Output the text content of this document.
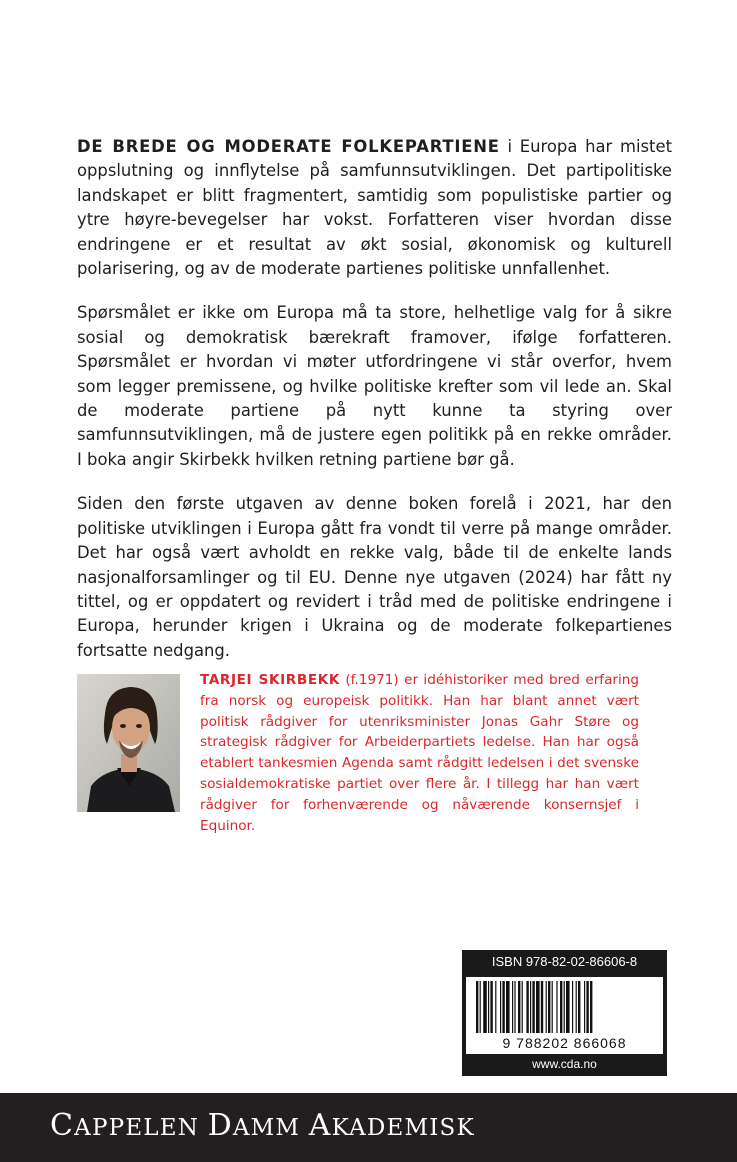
DE BREDE OG MODERATE FOLKEPARTIENE i Europa har mistet oppslutning og innflytelse på samfunnsutviklingen. Det partipolitiske landskapet er blitt fragmentert, samtidig som populistiske partier og ytre høyre-bevegelser har vokst. Forfatteren viser hvordan disse endringene er et resultat av økt sosial, økonomisk og kulturell polarisering, og av de moderate partienes politiske unnfallenhet.

Spørsmålet er ikke om Europa må ta store, helhetlige valg for å sikre sosial og demokratisk bærekraft framover, ifølge forfatteren. Spørsmålet er hvordan vi møter utfordringene vi står overfor, hvem som legger premissene, og hvilke politiske krefter som vil lede an. Skal de moderate partiene på nytt kunne ta styring over samfunnsutviklingen, må de justere egen politikk på en rekke områder. I boka angir Skirbekk hvilken retning partiene bør gå.

Siden den første utgaven av denne boken forelå i 2021, har den politiske utviklingen i Europa gått fra vondt til verre på mange områder. Det har også vært avholdt en rekke valg, både til de enkelte lands nasjonalforsamlinger og til EU. Denne nye utgaven (2024) har fått ny tittel, og er oppdatert og revidert i tråd med de politiske endringene i Europa, herunder krigen i Ukraina og de moderate folkepartienes fortsatte nedgang.

TARJEI SKIRBEKK (f.1971) er idéhistoriker med bred erfaring fra norsk og europeisk politikk. Han har blant annet vært politisk rådgiver for utenriksminister Jonas Gahr Støre og strategisk rådgiver for Arbeiderpartiets ledelse. Han har også etablert tankesmien Agenda samt rådgitt ledelsen i det svenske sosialdemokratiske partiet over flere år. I tillegg har han vært rådgiver for forhenværende og nåværende konsernsjef i Equinor.
ISBN 978-82-02-86606-8
9 788202 866068
www.cda.no
CAPPELEN DAMM AKADEMISK
